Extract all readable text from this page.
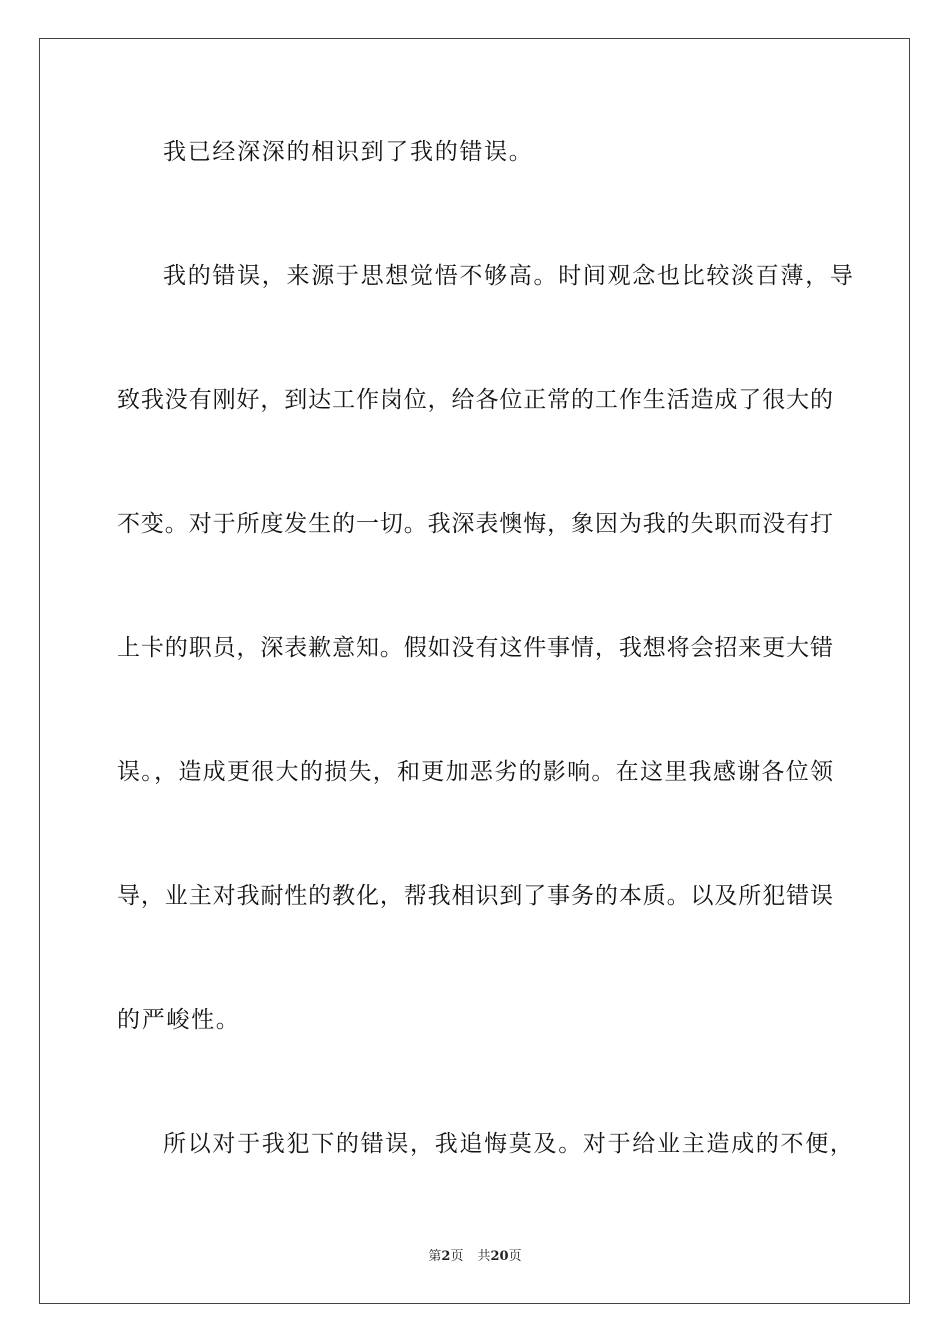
我已经深深的相识到了我的错误。
我的错误，来源于思想觉悟不够高。时间观念也比较淡百薄，导
致我没有刚好，到达工作岗位，给各位正常的工作生活造成了很大的
不变。对于所度发生的一切。我深表懊悔，象因为我的失职而没有打
上卡的职员，深表歉意知。假如没有这件事情，我想将会招来更大错
误。，造成更很大的损失，和更加恶劣的影响。在这里我感谢各位领
导，业主对我耐性的教化，帮我相识到了事务的本质。以及所犯错误
的严峻性。
所以对于我犯下的错误，我追悔莫及。对于给业主造成的不便，
第2页 共20页
